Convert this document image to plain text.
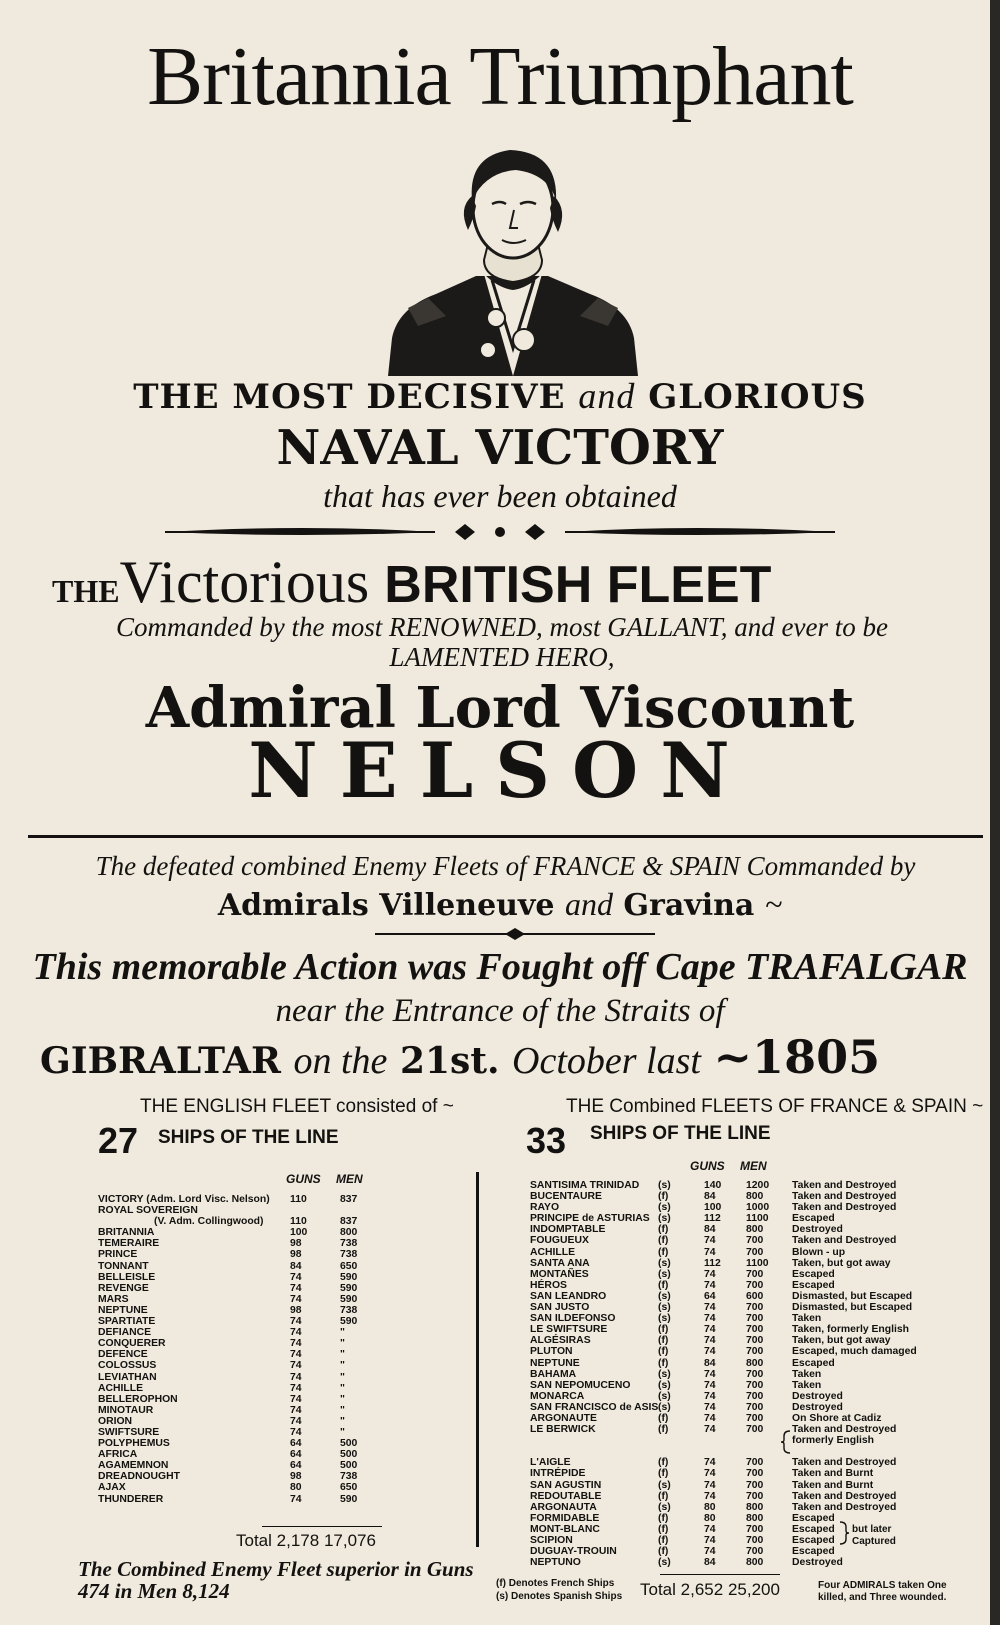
Britannia Triumphant
THE MOST DECISIVE and GLORIOUS
NAVAL VICTORY
that has ever been obtained
THEVictorious BRITISH FLEET
Commanded by the most RENOWNED, most GALLANT, and ever to be LAMENTED HERO,
Admiral Lord Viscount
NELSON
The defeated combined Enemy Fleets of FRANCE & SPAIN Commanded by
Admirals Villeneuve and Gravina ~
This memorable Action was Fought off Cape TRAFALGAR
near the Entrance of the Straits of
GIBRALTAR on the 21st. October last ~1805
THE ENGLISH FLEET consisted of ~
27 SHIPS OF THE LINE
GUNS MEN
VICTORY (Adm. Lord Visc. Nelson) 110	837
ROYAL SOVEREIGN
(V. Adm. Collingwood)	110	837
BRITANNIA	100	800
TEMERAIRE	98	738
PRINCE	98	738
TONNANT	84	650
BELLEISLE	74	590
REVENGE	74	590
MARS	74	590
NEPTUNE	98	738
SPARTIATE	74	590
DEFIANCE	74	"
CONQUERER	74	"
DEFENCE	74	"
COLOSSUS	74	"
LEVIATHAN	74	"
ACHILLE	74	"
BELLEROPHON	74	"
MINOTAUR	74	"
ORION	74	"
SWIFTSURE	74	"
POLYPHEMUS	64	500
AFRICA	64	500
AGAMEMNON	64	500
DREADNOUGHT	98	738
AJAX	80	650
THUNDERER	74	590
Total 2,178 17,076
The Combined Enemy Fleet superior in Guns 474 in Men 8,124
THE Combined FLEETS OF FRANCE & SPAIN ~
33 SHIPS OF THE LINE
GUNS MEN
SANTISIMA TRINIDAD (s)	140 1200 Taken and Destroyed
BUCENTAURE	(f)	84	800	Taken and Destroyed
RAYO	(s)	100 1000 Taken and Destroyed
PRINCIPE de ASTURIAS (s)	112 1100 Escaped
INDOMPTABLE	(f)	84	800	Destroyed
FOUGUEUX	(f)	74	700	Taken and Destroyed
ACHILLE	(f)	74	700	Blown - up
SANTA ANA	(s)	112 1100 Taken, but got away
MONTAÑES	(s)	74	700	Escaped
HÉROS	(f)	74	700	Escaped
SAN LEANDRO	(s)	64	600	Dismasted, but Escaped
SAN JUSTO	(s)	74	700	Dismasted, but Escaped
SAN ILDEFONSO	(s)	74	700	Taken
LE SWIFTSURE	(f)	74	700	Taken, formerly English
ALGÉSIRAS	(f)	74	700	Taken, but got away
PLUTON	(f)	74	700	Escaped, much damaged
NEPTUNE	(f)	84	800	Escaped
BAHAMA	(s)	74	700	Taken
SAN NEPOMUCENO	(s)	74	700	Taken
MONARCA	(s)	74	700	Destroyed
SAN FRANCISCO de ASIS (s)	74	700	Destroyed
ARGONAUTE	(f)	74	700	On Shore at Cadiz
LE BERWICK	(f)	74	700	Taken and Destroyed
formerly English
L'AIGLE	(f)	74	700	Taken and Destroyed
INTRÉPIDE	(f)	74	700	Taken and Burnt
SAN AGUSTIN	(s)	74	700	Taken and Burnt
REDOUTABLE	(f)	74	700	Taken and Destroyed
ARGONAUTA	(s)	80	800	Taken and Destroyed
FORMIDABLE	(f)	80	800	Escaped
MONT-BLANC	(f)	74	700	Escaped
SCIPION	(f)	74	700	Escaped
DUGUAY-TROUIN	(f)	74	700	Escaped
NEPTUNO	(s)	84	800	Destroyed
but later
Captured
(f) Denotes French Ships
(s) Denotes Spanish Ships Total 2,652 25,200	Four ADMIRALS taken One killed, and Three wounded.
